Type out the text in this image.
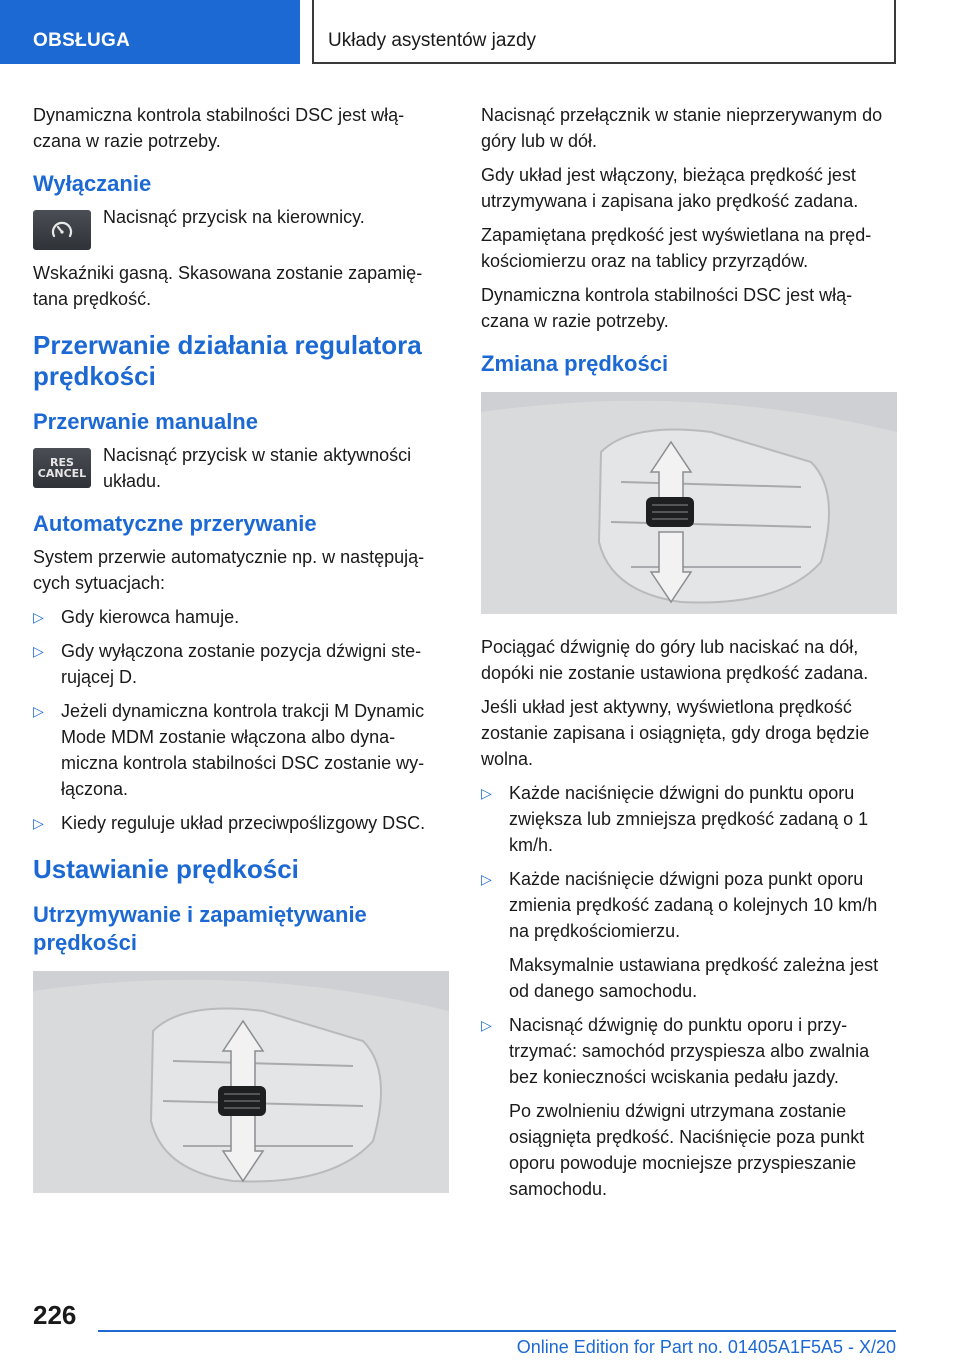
OBSŁUGA	Układy asystentów jazdy

Dynamiczna kontrola stabilności DSC jest włą‐czana w razie potrzeby.

Wyłączanie

Nacisnąć przycisk na kierownicy.

Wskaźniki gasną. Skasowana zostanie zapamię‐tana prędkość.

Przerwanie działania regulatora prędkości
Przerwanie manualne
RES
CANCEL

Nacisnąć przycisk w stanie aktywności układu.

Automatyczne przerywanie

System przerwie automatycznie np. w następują‐cych sytuacjach:

▷ Gdy kierowca hamuje.
▷ Gdy wyłączona zostanie pozycja dźwigni ste‐rującej D.
▷ Jeżeli dynamiczna kontrola trakcji M Dynamic Mode MDM zostanie włączona albo dyna‐miczna kontrola stabilności DSC zostanie wy‐łączona.
▷ Kiedy reguluje układ przeciwpoślizgowy DSC.
Ustawianie prędkości
Utrzymywanie i zapamiętywanie prędkości

Nacisnąć przełącznik w stanie nieprzerywanym do góry lub w dół.

Gdy układ jest włączony, bieżąca prędkość jest utrzymywana i zapisana jako prędkość zadana.

Zapamiętana prędkość jest wyświetlana na pręd‐kościomierzu oraz na tablicy przyrządów.

Dynamiczna kontrola stabilności DSC jest włą‐czana w razie potrzeby.

Zmiana prędkości

Pociągać dźwignię do góry lub naciskać na dół, dopóki nie zostanie ustawiona prędkość zadana.

Jeśli układ jest aktywny, wyświetlona prędkość zostanie zapisana i osiągnięta, gdy droga będzie wolna.

▷ Każde naciśnięcie dźwigni do punktu oporu zwiększa lub zmniejsza prędkość zadaną o 1 km/h.
▷ Każde naciśnięcie dźwigni poza punkt oporu zmienia prędkość zadaną o kolejnych 10 km/h na prędkościomierzu.
Maksymalnie ustawiana prędkość zależna jest od danego samochodu.
▷ Nacisnąć dźwignię do punktu oporu i przy‐trzymać: samochód przyspiesza albo zwalnia bez konieczności wciskania pedału jazdy.
Po zwolnieniu dźwigni utrzymana zostanie osiągnięta prędkość. Naciśnięcie poza punkt oporu powoduje mocniejsze przyspieszanie samochodu.
226
Online Edition for Part no. 01405A1F5A5 - X/20
